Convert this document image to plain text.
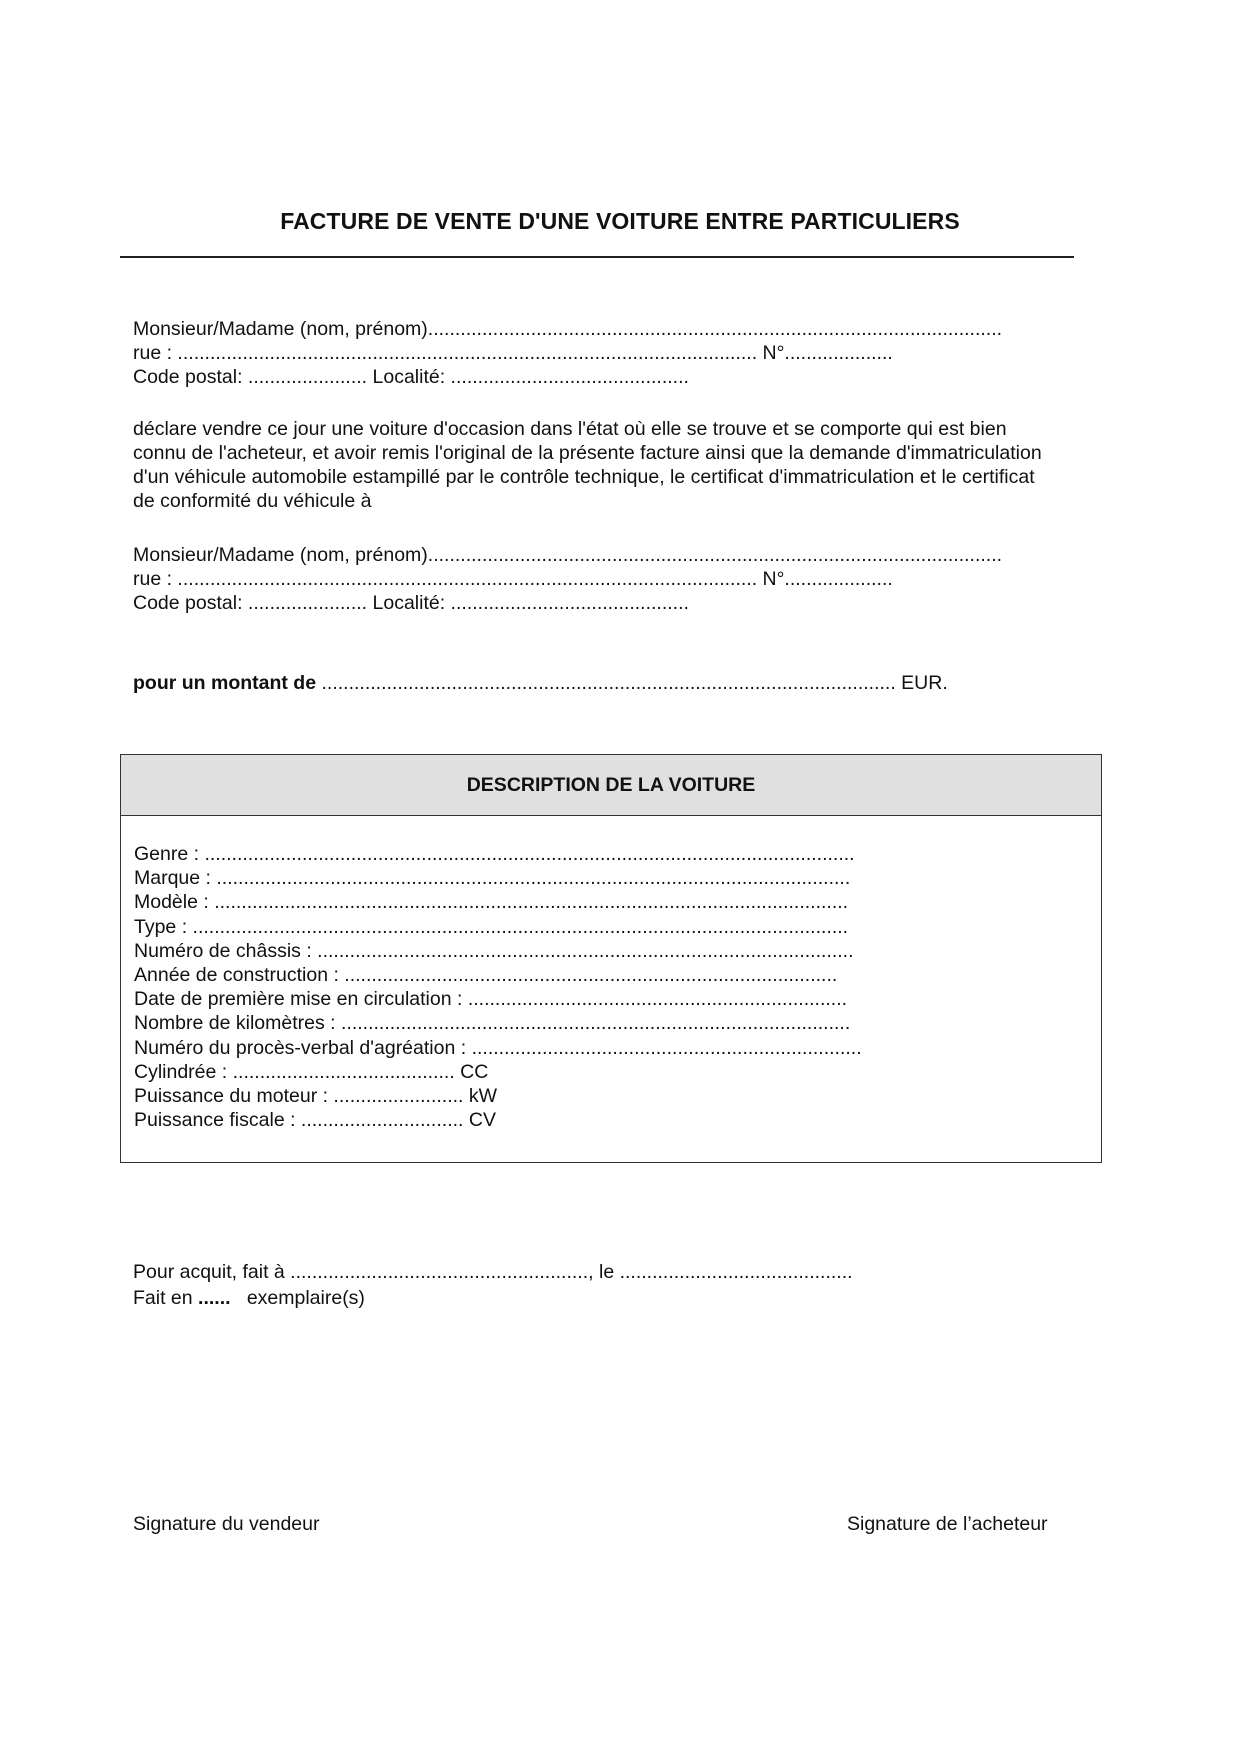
FACTURE DE VENTE D'UNE VOITURE ENTRE PARTICULIERS
Monsieur/Madame (nom, prénom)..........................................................................................................
rue : ........................................................................................................... N°....................
Code postal: ...................... Localité: ............................................
déclare vendre ce jour une voiture d'occasion dans l'état où elle se trouve et se comporte qui est bien
connu de l'acheteur, et avoir remis l'original de la présente facture ainsi que la demande d'immatriculation
d'un véhicule automobile estampillé par le contrôle technique, le certificat d'immatriculation et le certificat
de conformité du véhicule à
Monsieur/Madame (nom, prénom)..........................................................................................................
rue : ........................................................................................................... N°....................
Code postal: ...................... Localité: ............................................
pour un montant de .......................................................................................................... EUR.
DESCRIPTION DE LA VOITURE
Genre : ........................................................................................................................
Marque : .....................................................................................................................
Modèle : .....................................................................................................................
Type : .........................................................................................................................
Numéro de châssis : ...................................................................................................
Année de construction : ...........................................................................................
Date de première mise en circulation : ......................................................................
Nombre de kilomètres : ..............................................................................................
Numéro du procès-verbal d'agréation : ........................................................................
Cylindrée : ......................................... CC
Puissance du moteur : ........................ kW
Puissance fiscale : .............................. CV
Pour acquit, fait à ......................................................., le ...........................................
Fait en ......   exemplaire(s)
Signature du vendeur	Signature de l’acheteur
